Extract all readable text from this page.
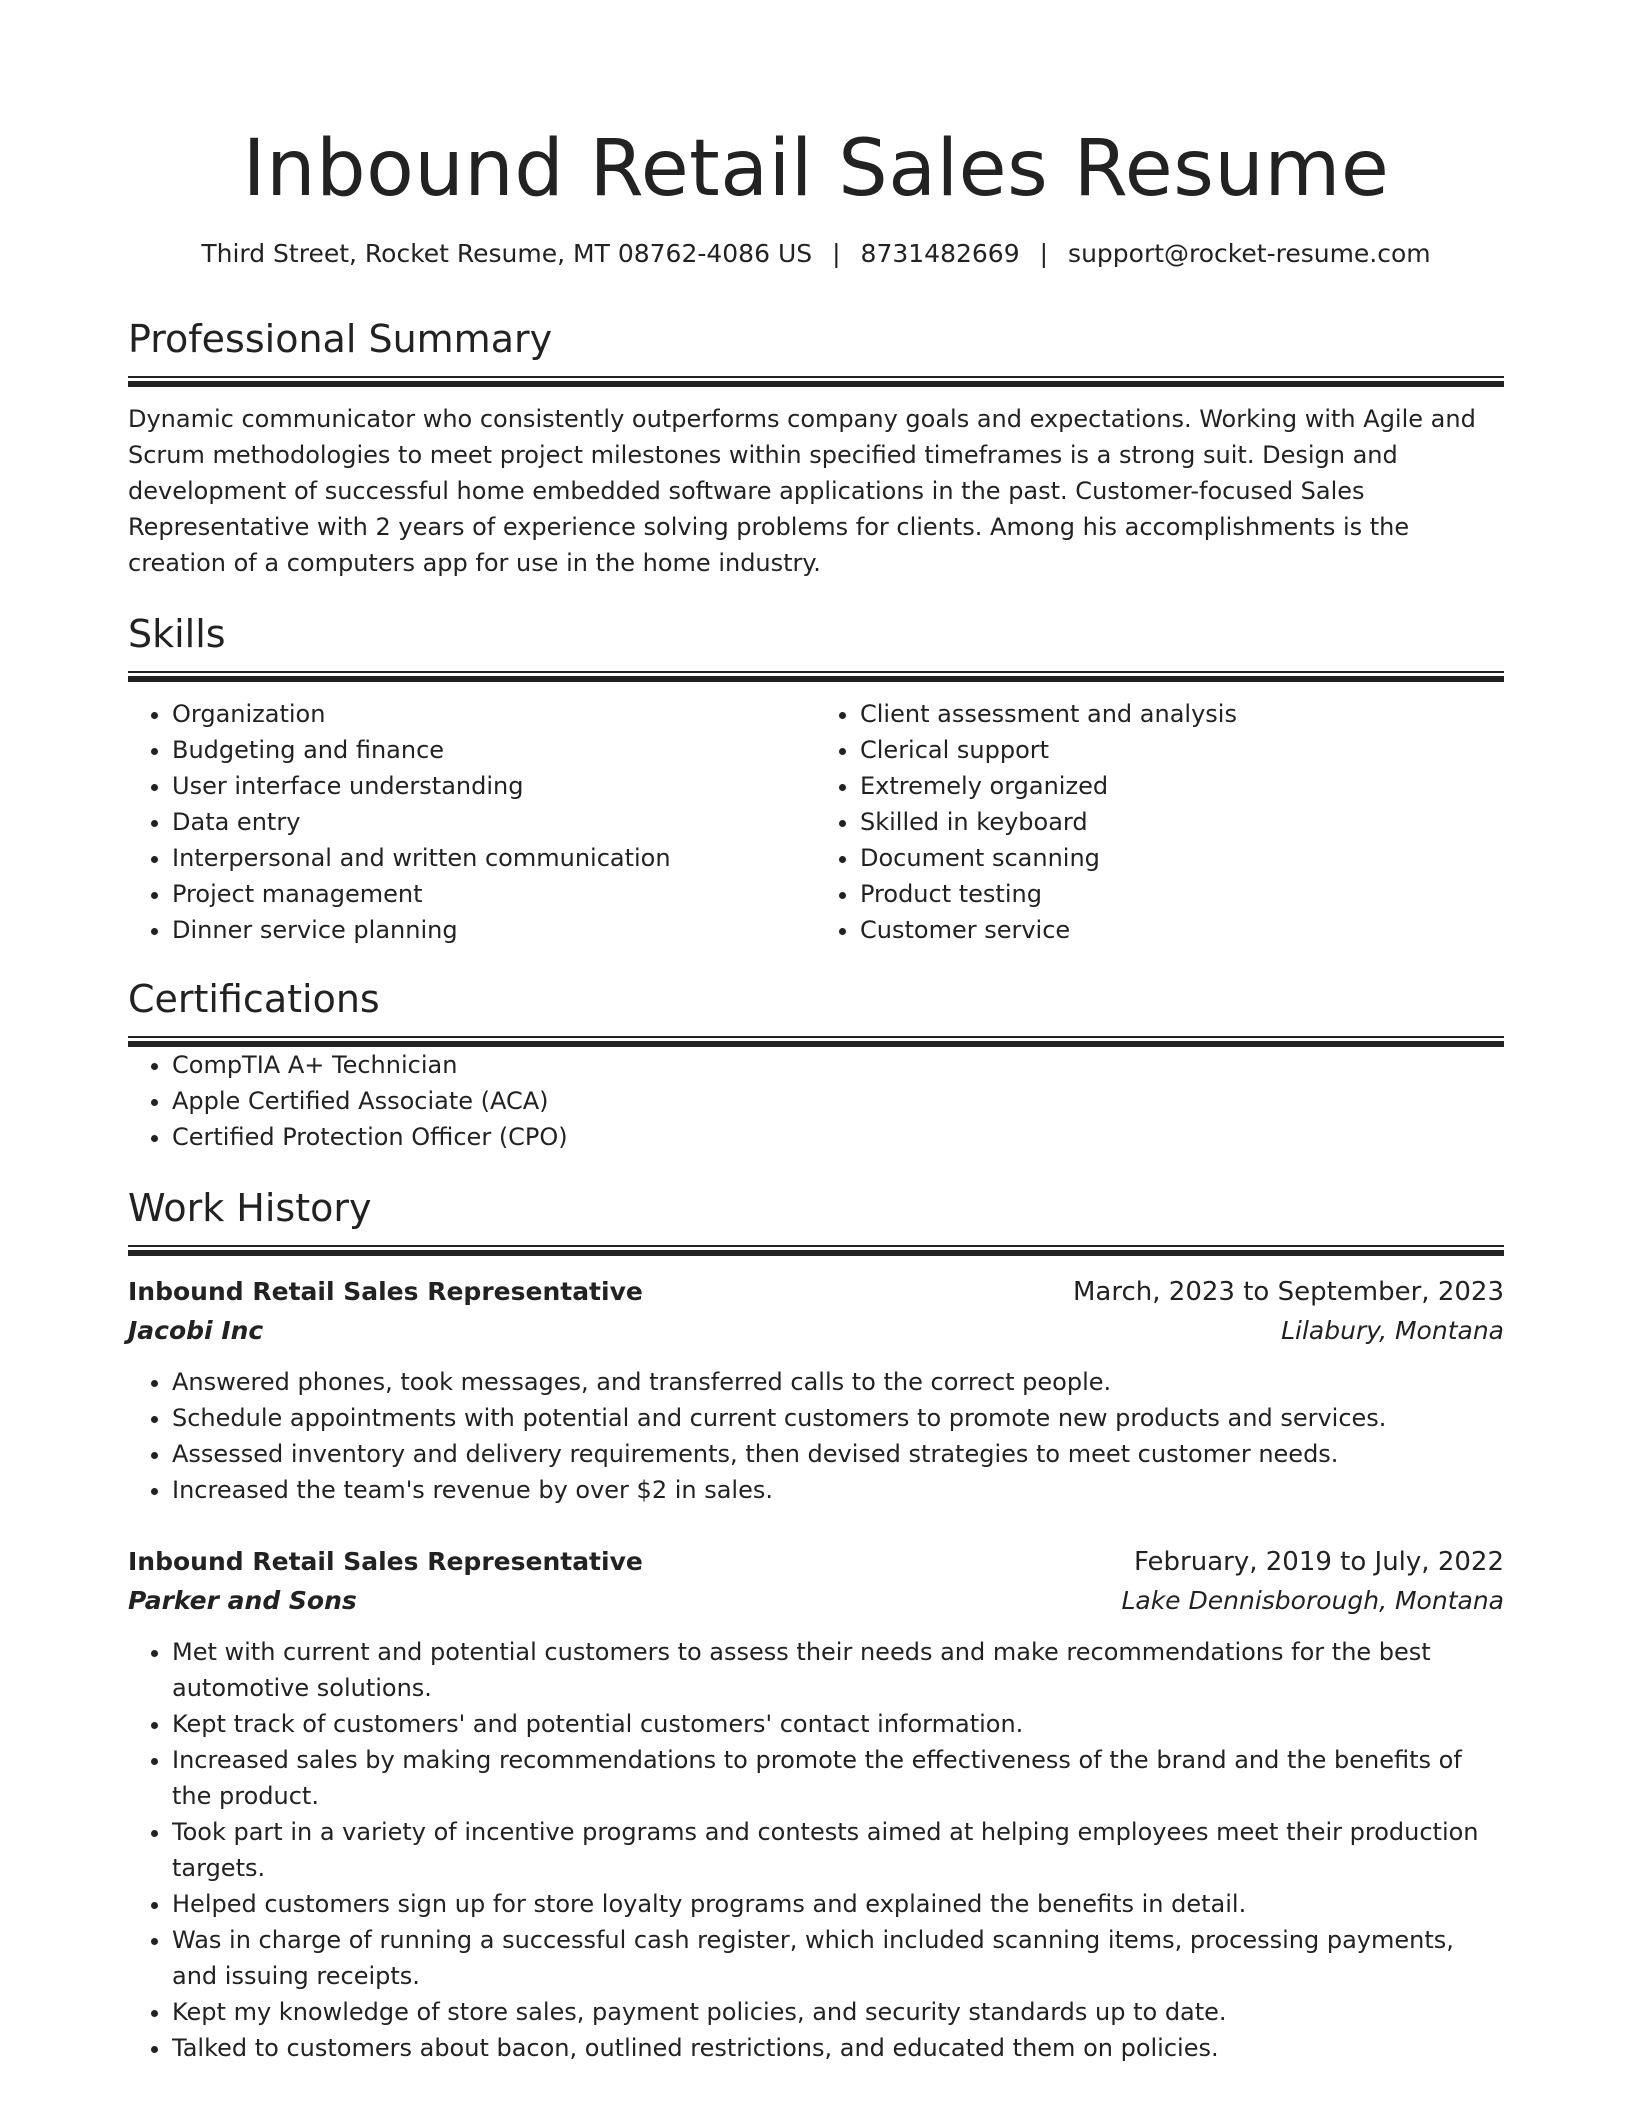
Inbound Retail Sales Resume
Third Street, Rocket Resume, MT 08762-4086 US | 8731482669 | support@rocket-resume.com
Professional Summary

Dynamic communicator who consistently outperforms company goals and expectations. Working with Agile and Scrum methodologies to meet project milestones within specified timeframes is a strong suit. Design and development of successful home embedded software applications in the past. Customer-focused Sales Representative with 2 years of experience solving problems for clients. Among his accomplishments is the creation of a computers app for use in the home industry.

Skills
• Organization
• Budgeting and finance
• User interface understanding
• Data entry
• Interpersonal and written communication
• Project management
• Dinner service planning
• Client assessment and analysis
• Clerical support
• Extremely organized
• Skilled in keyboard
• Document scanning
• Product testing
• Customer service
Certifications
• CompTIA A+ Technician
• Apple Certified Associate (ACA)
• Certified Protection Officer (CPO)
Work History
Inbound Retail Sales Representative	March, 2023 to September, 2023
Jacobi Inc	Lilabury, Montana
• Answered phones, took messages, and transferred calls to the correct people.
• Schedule appointments with potential and current customers to promote new products and services.
• Assessed inventory and delivery requirements, then devised strategies to meet customer needs.
• Increased the team's revenue by over $2 in sales.
Inbound Retail Sales Representative	February, 2019 to July, 2022
Parker and Sons	Lake Dennisborough, Montana
• Met with current and potential customers to assess their needs and make recommendations for the best automotive solutions.
• Kept track of customers' and potential customers' contact information.
• Increased sales by making recommendations to promote the effectiveness of the brand and the benefits of the product.
• Took part in a variety of incentive programs and contests aimed at helping employees meet their production targets.
• Helped customers sign up for store loyalty programs and explained the benefits in detail.
• Was in charge of running a successful cash register, which included scanning items, processing payments, and issuing receipts.
• Kept my knowledge of store sales, payment policies, and security standards up to date.
• Talked to customers about bacon, outlined restrictions, and educated them on policies.
